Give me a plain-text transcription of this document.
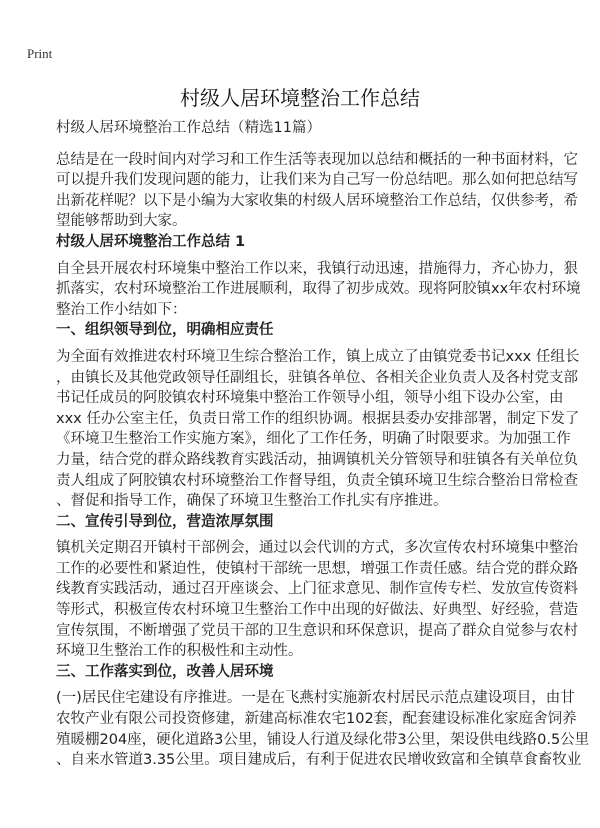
Print
村级人居环境整治工作总结
村级人居环境整治工作总结（精选11篇）
总结是在一段时间内对学习和工作生活等表现加以总结和概括的一种书面材料，它
可以提升我们发现问题的能力，让我们来为自己写一份总结吧。那么如何把总结写
出新花样呢？以下是小编为大家收集的村级人居环境整治工作总结，仅供参考，希
望能够帮助到大家。
村级人居环境整治工作总结 1
自全县开展农村环境集中整治工作以来，我镇行动迅速，措施得力，齐心协力，狠
抓落实，农村环境整治工作进展顺利，取得了初步成效。现将阿胶镇xx年农村环境
整治工作小结如下：
一、组织领导到位，明确相应责任
为全面有效推进农村环境卫生综合整治工作，镇上成立了由镇党委书记xxx 任组长
，由镇长及其他党政领导任副组长，驻镇各单位、各相关企业负责人及各村党支部
书记任成员的阿胶镇农村环境集中整治工作领导小组，领导小组下设办公室，由
xxx 任办公室主任，负责日常工作的组织协调。根据县委办安排部署，制定下发了
《环境卫生整治工作实施方案》，细化了工作任务，明确了时限要求。为加强工作
力量，结合党的群众路线教育实践活动，抽调镇机关分管领导和驻镇各有关单位负
责人组成了阿胶镇农村环境整治工作督导组，负责全镇环境卫生综合整治日常检查
、督促和指导工作，确保了环境卫生整治工作扎实有序推进。
二、宣传引导到位，营造浓厚氛围
镇机关定期召开镇村干部例会，通过以会代训的方式，多次宣传农村环境集中整治
工作的必要性和紧迫性，使镇村干部统一思想，增强工作责任感。结合党的群众路
线教育实践活动，通过召开座谈会、上门征求意见、制作宣传专栏、发放宣传资料
等形式，积极宣传农村环境卫生整治工作中出现的好做法、好典型、好经验，营造
宣传氛围，不断增强了党员干部的卫生意识和环保意识，提高了群众自觉参与农村
环境卫生整治工作的积极性和主动性。
三、工作落实到位，改善人居环境
(一)居民住宅建设有序推进。一是在飞燕村实施新农村居民示范点建设项目，由甘
农牧产业有限公司投资修建，新建高标准农宅102套，配套建设标准化家庭舍饲养
殖暖棚204座，硬化道路3公里，铺设人行道及绿化带3公里，架设供电线路0.5公里
、自来水管道3.35公里。项目建成后，有利于促进农民增收致富和全镇草食畜牧业
